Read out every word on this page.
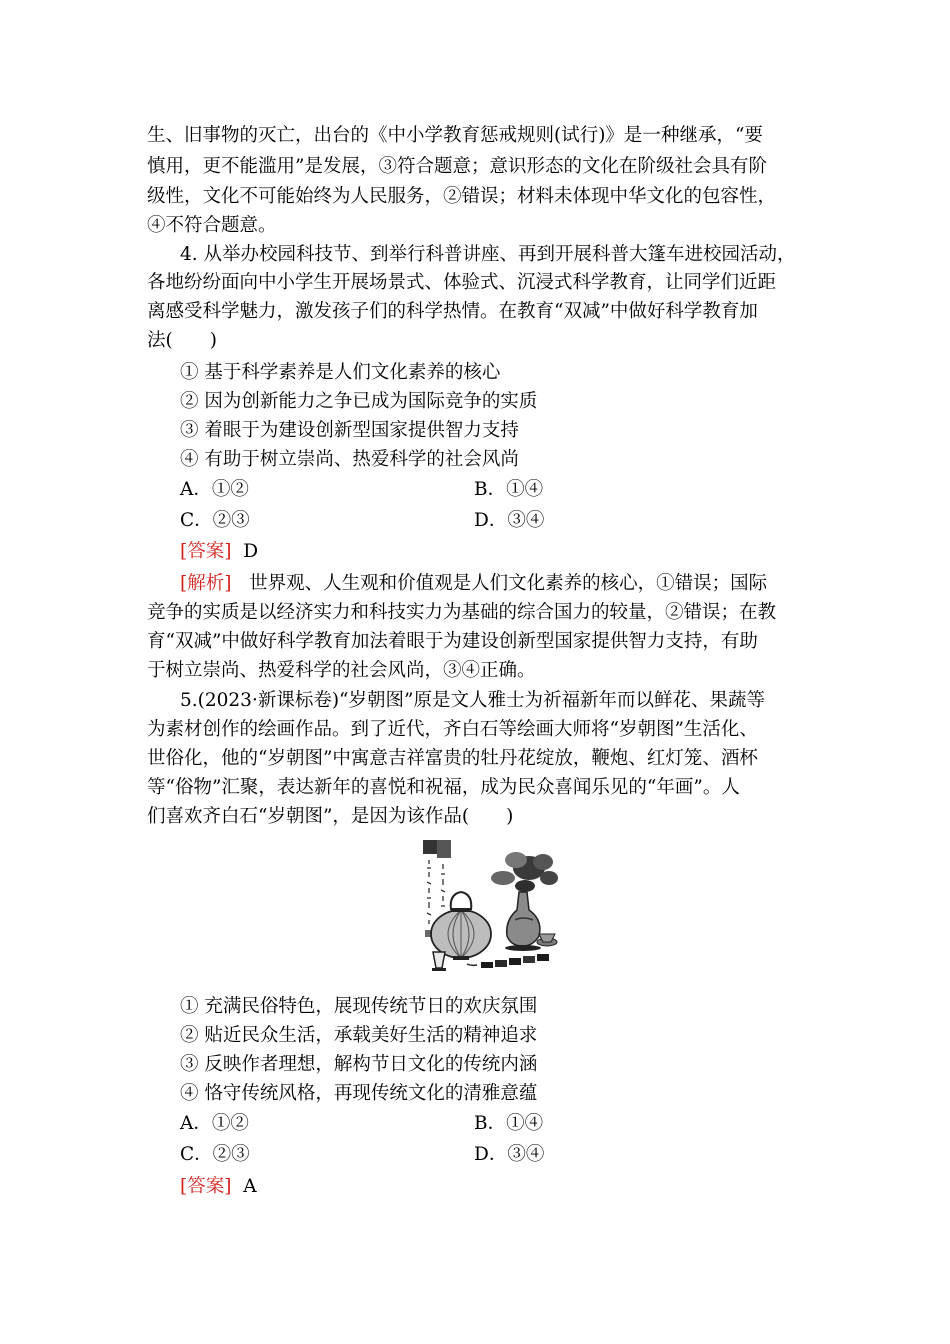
生、旧事物的灭亡，出台的《中小学教育惩戒规则(试行)》是一种继承，“要
慎用，更不能滥用”是发展，③符合题意；意识形态的文化在阶级社会具有阶
级性，文化不可能始终为人民服务，②错误；材料未体现中华文化的包容性，
④不符合题意。
4. 从举办校园科技节、到举行科普讲座、再到开展科普大篷车进校园活动，
各地纷纷面向中小学生开展场景式、体验式、沉浸式科学教育，让同学们近距
离感受科学魅力，激发孩子们的科学热情。在教育“双减”中做好科学教育加
法(　　)
① 基于科学素养是人们文化素养的核心
② 因为创新能力之争已成为国际竞争的实质
③ 着眼于为建设创新型国家提供智力支持
④ 有助于树立崇尚、热爱科学的社会风尚
A．①②	B．①④
C．②③	D．③④
[答案] D
[解析] 世界观、人生观和价值观是人们文化素养的核心，①错误；国际
竞争的实质是以经济实力和科技实力为基础的综合国力的较量，②错误；在教
育“双减”中做好科学教育加法着眼于为建设创新型国家提供智力支持，有助
于树立崇尚、热爱科学的社会风尚，③④正确。
5.(2023·新课标卷)“岁朝图”原是文人雅士为祈福新年而以鲜花、果蔬等
为素材创作的绘画作品。到了近代，齐白石等绘画大师将“岁朝图”生活化、
世俗化，他的“岁朝图”中寓意吉祥富贵的牡丹花绽放，鞭炮、红灯笼、酒杯
等“俗物”汇聚，表达新年的喜悦和祝福，成为民众喜闻乐见的“年画”。人
们喜欢齐白石“岁朝图”，是因为该作品(　　)
① 充满民俗特色，展现传统节日的欢庆氛围
② 贴近民众生活，承载美好生活的精神追求
③ 反映作者理想，解构节日文化的传统内涵
④ 恪守传统风格，再现传统文化的清雅意蕴
A．①②	B．①④
C．②③	D．③④
[答案] A
